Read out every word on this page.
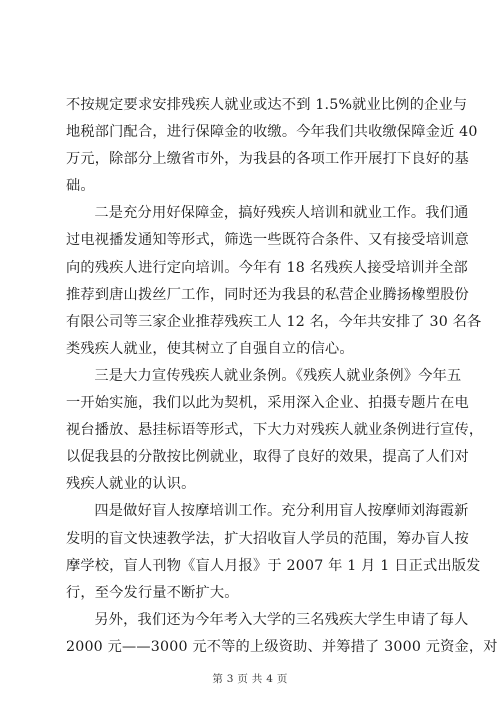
不按规定要求安排残疾人就业或达不到 1.5%就业比例的企业与
地税部门配合，进行保障金的收缴。今年我们共收缴保障金近 40
万元，除部分上缴省市外，为我县的各项工作开展打下良好的基
础。

二是充分用好保障金，搞好残疾人培训和就业工作。我们通
过电视播发通知等形式，筛选一些既符合条件、又有接受培训意
向的残疾人进行定向培训。今年有 18 名残疾人接受培训并全部
推荐到唐山拨丝厂工作，同时还为我县的私营企业腾扬橡塑股份
有限公司等三家企业推荐残疾工人 12 名，今年共安排了 30 名各
类残疾人就业，使其树立了自强自立的信心。

三是大力宣传残疾人就业条例。《残疾人就业条例》今年五
一开始实施，我们以此为契机，采用深入企业、拍摄专题片在电
视台播放、悬挂标语等形式，下大力对残疾人就业条例进行宣传，
以促我县的分散按比例就业，取得了良好的效果，提高了人们对
残疾人就业的认识。

四是做好盲人按摩培训工作。充分利用盲人按摩师刘海霞新
发明的盲文快速教学法，扩大招收盲人学员的范围，筹办盲人按
摩学校，盲人刊物《盲人月报》于 2007 年 1 月 1 日正式出版发
行，至今发行量不断扩大。

另外，我们还为今年考入大学的三名残疾大学生申请了每人
2000 元——3000 元不等的上级资助、并筹措了 3000 元资金，对

第 3 页 共 4 页
